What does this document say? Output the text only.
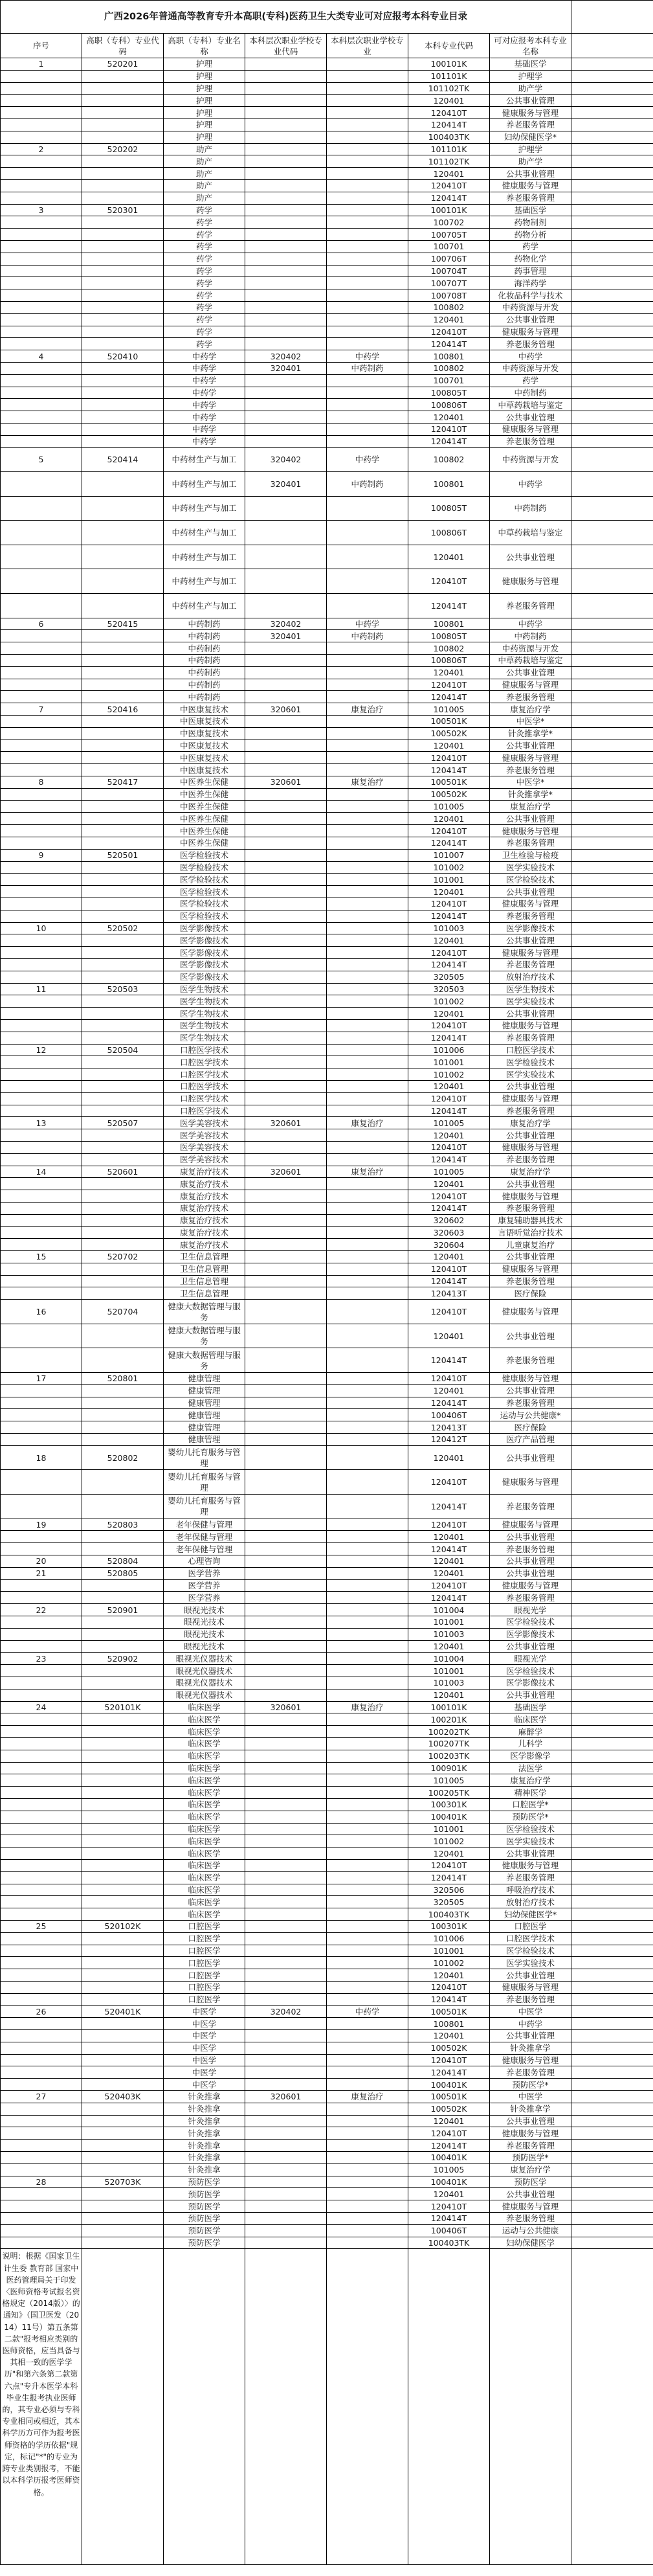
广西2026年普通高等教育专升本高职(专科)医药卫生大类专业可对应报考本科专业目录							
序号	高职（专科）专业代码	高职（专科）专业名称	本科层次职业学校专业代码	本科层次职业学校专业	本科专业代码	可对应报考本科专业名称	
1	520201	护理			100101K	基础医学	
		护理			101101K	护理学	
		护理			101102TK	助产学	
		护理			120401	公共事业管理	
		护理			120410T	健康服务与管理	
		护理			120414T	养老服务管理	
		护理			100403TK	妇幼保健医学*	
2	520202	助产			101101K	护理学	
		助产			101102TK	助产学	
		助产			120401	公共事业管理	
		助产			120410T	健康服务与管理	
		助产			120414T	养老服务管理	
3	520301	药学			100101K	基础医学	
		药学			100702	药物制剂	
		药学			100705T	药物分析	
		药学			100701	药学	
		药学			100706T	药物化学	
		药学			100704T	药事管理	
		药学			100707T	海洋药学	
		药学			100708T	化妆品科学与技术	
		药学			100802	中药资源与开发	
		药学			120401	公共事业管理	
		药学			120410T	健康服务与管理	
		药学			120414T	养老服务管理	
4	520410	中药学	320402	中药学	100801	中药学	
		中药学	320401	中药制药	100802	中药资源与开发	
		中药学			100701	药学	
		中药学			100805T	中药制药	
		中药学			100806T	中草药栽培与鉴定	
		中药学			120401	公共事业管理	
		中药学			120410T	健康服务与管理	
		中药学			120414T	养老服务管理	
5	520414	中药材生产与加工	320402	中药学	100802	中药资源与开发	
		中药材生产与加工	320401	中药制药	100801	中药学	
		中药材生产与加工			100805T	中药制药	
		中药材生产与加工			100806T	中草药栽培与鉴定	
		中药材生产与加工			120401	公共事业管理	
		中药材生产与加工			120410T	健康服务与管理	
		中药材生产与加工			120414T	养老服务管理	
6	520415	中药制药	320402	中药学	100801	中药学	
		中药制药	320401	中药制药	100805T	中药制药	
		中药制药			100802	中药资源与开发	
		中药制药			100806T	中草药栽培与鉴定	
		中药制药			120401	公共事业管理	
		中药制药			120410T	健康服务与管理	
		中药制药			120414T	养老服务管理	
7	520416	中医康复技术	320601	康复治疗	101005	康复治疗学	
		中医康复技术			100501K	中医学*	
		中医康复技术			100502K	针灸推拿学*	
		中医康复技术			120401	公共事业管理	
		中医康复技术			120410T	健康服务与管理	
		中医康复技术			120414T	养老服务管理	
8	520417	中医养生保健	320601	康复治疗	100501K	中医学*	
		中医养生保健			100502K	针灸推拿学*	
		中医养生保健			101005	康复治疗学	
		中医养生保健			120401	公共事业管理	
		中医养生保健			120410T	健康服务与管理	
		中医养生保健			120414T	养老服务管理	
9	520501	医学检验技术			101007	卫生检验与检疫	
		医学检验技术			101002	医学实验技术	
		医学检验技术			101001	医学检验技术	
		医学检验技术			120401	公共事业管理	
		医学检验技术			120410T	健康服务与管理	
		医学检验技术			120414T	养老服务管理	
10	520502	医学影像技术			101003	医学影像技术	
		医学影像技术			120401	公共事业管理	
		医学影像技术			120410T	健康服务与管理	
		医学影像技术			120414T	养老服务管理	
		医学影像技术			320505	放射治疗技术	
11	520503	医学生物技术			320503	医学生物技术	
		医学生物技术			101002	医学实验技术	
		医学生物技术			120401	公共事业管理	
		医学生物技术			120410T	健康服务与管理	
		医学生物技术			120414T	养老服务管理	
12	520504	口腔医学技术			101006	口腔医学技术	
		口腔医学技术			101001	医学检验技术	
		口腔医学技术			101002	医学实验技术	
		口腔医学技术			120401	公共事业管理	
		口腔医学技术			120410T	健康服务与管理	
		口腔医学技术			120414T	养老服务管理	
13	520507	医学美容技术	320601	康复治疗	101005	康复治疗学	
		医学美容技术			120401	公共事业管理	
		医学美容技术			120410T	健康服务与管理	
		医学美容技术			120414T	养老服务管理	
14	520601	康复治疗技术	320601	康复治疗	101005	康复治疗学	
		康复治疗技术			120401	公共事业管理	
		康复治疗技术			120410T	健康服务与管理	
		康复治疗技术			120414T	养老服务管理	
		康复治疗技术			320602	康复辅助器具技术	
		康复治疗技术			320603	言语听觉治疗技术	
		康复治疗技术			320604	儿童康复治疗	
15	520702	卫生信息管理			120401	公共事业管理	
		卫生信息管理			120410T	健康服务与管理	
		卫生信息管理			120414T	养老服务管理	
		卫生信息管理			120413T	医疗保险	
16	520704	健康大数据管理与服务			120410T	健康服务与管理	
		健康大数据管理与服务			120401	公共事业管理	
		健康大数据管理与服务			120414T	养老服务管理	
17	520801	健康管理			120410T	健康服务与管理	
		健康管理			120401	公共事业管理	
		健康管理			120414T	养老服务管理	
		健康管理			100406T	运动与公共健康*	
		健康管理			120413T	医疗保险	
		健康管理			120412T	医疗产品管理	
18	520802	婴幼儿托育服务与管理			120401	公共事业管理	
		婴幼儿托育服务与管理			120410T	健康服务与管理	
		婴幼儿托育服务与管理			120414T	养老服务管理	
19	520803	老年保健与管理			120410T	健康服务与管理	
		老年保健与管理			120401	公共事业管理	
		老年保健与管理			120414T	养老服务管理	
20	520804	心理咨询			120401	公共事业管理	
21	520805	医学营养			120401	公共事业管理	
		医学营养			120410T	健康服务与管理	
		医学营养			120414T	养老服务管理	
22	520901	眼视光技术			101004	眼视光学	
		眼视光技术			101001	医学检验技术	
		眼视光技术			101003	医学影像技术	
		眼视光技术			120401	公共事业管理	
23	520902	眼视光仪器技术			101004	眼视光学	
		眼视光仪器技术			101001	医学检验技术	
		眼视光仪器技术			101003	医学影像技术	
		眼视光仪器技术			120401	公共事业管理	
24	520101K	临床医学	320601	康复治疗	100101K	基础医学	
		临床医学			100201K	临床医学	
		临床医学			100202TK	麻醉学	
		临床医学			100207TK	儿科学	
		临床医学			100203TK	医学影像学	
		临床医学			100901K	法医学	
		临床医学			101005	康复治疗学	
		临床医学			100205TK	精神医学	
		临床医学			100301K	口腔医学*	
		临床医学			100401K	预防医学*	
		临床医学			101001	医学检验技术	
		临床医学			101002	医学实验技术	
		临床医学			120401	公共事业管理	
		临床医学			120410T	健康服务与管理	
		临床医学			120414T	养老服务管理	
		临床医学			320506	呼吸治疗技术	
		临床医学			320505	放射治疗技术	
		临床医学			100403TK	妇幼保健医学*	
25	520102K	口腔医学			100301K	口腔医学	
		口腔医学			101006	口腔医学技术	
		口腔医学			101001	医学检验技术	
		口腔医学			101002	医学实验技术	
		口腔医学			120401	公共事业管理	
		口腔医学			120410T	健康服务与管理	
		口腔医学			120414T	养老服务管理	
26	520401K	中医学	320402	中药学	100501K	中医学	
		中医学			100801	中药学	
		中医学			120401	公共事业管理	
		中医学			100502K	针灸推拿学	
		中医学			120410T	健康服务与管理	
		中医学			120414T	养老服务管理	
		中医学			100401K	预防医学*	
27	520403K	针灸推拿	320601	康复治疗	100501K	中医学	
		针灸推拿			100502K	针灸推拿学	
		针灸推拿			120401	公共事业管理	
		针灸推拿			120410T	健康服务与管理	
		针灸推拿			120414T	养老服务管理	
		针灸推拿			100401K	预防医学*	
		针灸推拿			101005	康复治疗学	
28	520703K	预防医学			100401K	预防医学	
		预防医学			120401	公共事业管理	
		预防医学			120410T	健康服务与管理	
		预防医学			120414T	养老服务管理	
		预防医学			100406T	运动与公共健康	
		预防医学			100403TK	妇幼保健医学	
说明：根据《国家卫生计生委 教育部 国家中医药管理局关于印发 〈医师资格考试报名资格规定（2014版）〉的通知》（国卫医发（2014）11号）第五条第二款"报考相应类别的医师资格，应当具备与其相一致的医学学历"和第六条第二款第六点"专升本医学本科毕业生报考执业医师的，其专业必须与专科专业相同或相近，其本科学历方可作为报考医师资格的学历依据"规定，标记"*"的专业为跨专业类别报考，不能以本科学历报考医师资格。							
